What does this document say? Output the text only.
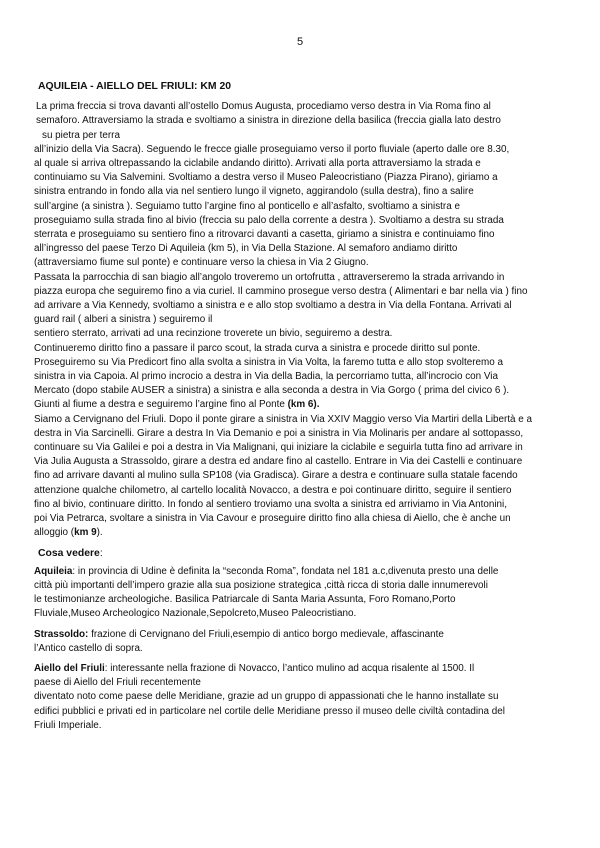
5
AQUILEIA - AIELLO DEL FRIULI: KM 20

La prima freccia si trova davanti all’ostello Domus Augusta, procediamo verso destra in Via Roma fino al

semaforo. Attraversiamo la strada e svoltiamo a sinistra in direzione della basilica (freccia gialla lato destro

su pietra per terra

all’inizio della Via Sacra). Seguendo le frecce gialle proseguiamo verso il porto fluviale (aperto dalle ore 8.30,

al quale si arriva oltrepassando la ciclabile andando diritto). Arrivati alla porta attraversiamo la strada e

continuiamo su Via Salvemini. Svoltiamo a destra verso il Museo Paleocristiano (Piazza Pirano), giriamo a

sinistra entrando in fondo alla via nel sentiero lungo il vigneto, aggirandolo (sulla destra), fino a salire

sull’argine (a sinistra ). Seguiamo tutto l’argine fino al ponticello e all’asfalto, svoltiamo a sinistra e

proseguiamo sulla strada fino al bivio (freccia su palo della corrente a destra ). Svoltiamo a destra su strada

sterrata e proseguiamo su sentiero fino a ritrovarci davanti a casetta, giriamo a sinistra e continuiamo fino

all’ingresso del paese Terzo Di Aquileia (km 5), in Via Della Stazione. Al semaforo andiamo diritto

(attraversiamo fiume sul ponte) e continuare verso la chiesa in Via 2 Giugno.

Passata la parrocchia di san biagio all’angolo troveremo un ortofrutta , attraverseremo la strada arrivando in

piazza europa che seguiremo fino a via curiel. Il cammino prosegue verso destra ( Alimentari e bar nella via ) fino

ad arrivare a Via Kennedy, svoltiamo a sinistra e e allo stop svoltiamo a destra in Via della Fontana. Arrivati al

guard rail ( alberi a sinistra ) seguiremo il

sentiero sterrato, arrivati ad una recinzione troverete un bivio, seguiremo a destra.

Continueremo diritto fino a passare il parco scout, la strada curva a sinistra e procede diritto sul ponte.

Proseguiremo su Via Predicort fino alla svolta a sinistra in Via Volta, la faremo tutta e allo stop svolteremo a

sinistra in via Capoia. Al primo incrocio a destra in Via della Badia, la percorriamo tutta, all’incrocio con Via

Mercato (dopo stabile AUSER a sinistra) a sinistra e alla seconda a destra in Via Gorgo ( prima del civico 6 ).

Giunti al fiume a destra e seguiremo l’argine fino al Ponte (km 6).

Siamo a Cervignano del Friuli. Dopo il ponte girare a sinistra in Via XXIV Maggio verso Via Martiri della Libertà e a

destra in Via Sarcinelli. Girare a destra In Via Demanio e poi a sinistra in Via Molinaris per andare al sottopasso,

continuare su Via Galilei e poi a destra in Via Malignani, qui iniziare la ciclabile e seguirla tutta fino ad arrivare in

Via Julia Augusta a Strassoldo, girare a destra ed andare fino al castello. Entrare in Via dei Castelli e continuare

fino ad arrivare davanti al mulino sulla SP108 (via Gradisca). Girare a destra e continuare sulla statale facendo

attenzione qualche chilometro, al cartello località Novacco, a destra e poi continuare diritto, seguire il sentiero

fino al bivio, continuare diritto. In fondo al sentiero troviamo una svolta a sinistra ed arriviamo in Via Antonini,

poi Via Petrarca, svoltare a sinistra in Via Cavour e proseguire diritto fino alla chiesa di Aiello, che è anche un

alloggio (km 9).

Cosa vedere:

Aquileia: in provincia di Udine è definita la “seconda Roma”, fondata nel 181 a.c,divenuta presto una delle

città più importanti dell’impero grazie alla sua posizione strategica ,città ricca di storia dalle innumerevoli

le testimonianze archeologiche. Basilica Patriarcale di Santa Maria Assunta, Foro Romano,Porto

Fluviale,Museo Archeologico Nazionale,Sepolcreto,Museo Paleocristiano.

Strassoldo: frazione di Cervignano del Friuli,esempio di antico borgo medievale, affascinante

l’Antico castello di sopra.

Aiello del Friuli: interessante nella frazione di Novacco, l’antico mulino ad acqua risalente al 1500. Il

paese di Aiello del Friuli recentemente

diventato noto come paese delle Meridiane, grazie ad un gruppo di appassionati che le hanno installate su

edifici pubblici e privati ed in particolare nel cortile delle Meridiane presso il museo delle civiltà contadina del

Friuli Imperiale.
